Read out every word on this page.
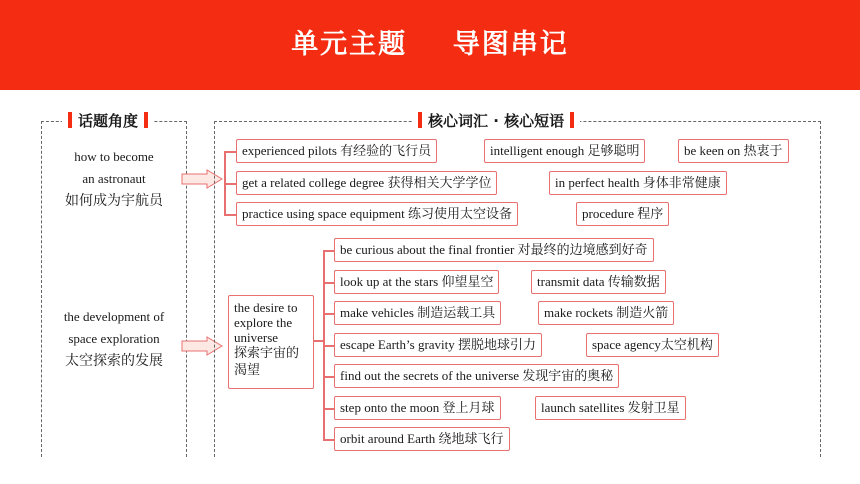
单元主题    导图串记
话题角度
how to become
an astronaut
如何成为宇航员
the development of
space exploration
太空探索的发展
核心词汇 · 核心短语
experienced pilots 有经验的飞行员	intelligent enough 足够聪明	be keen on 热衷于
get a related college degree 获得相关大学学位	in perfect health 身体非常健康
practice using space equipment 练习使用太空设备	procedure 程序
the desire to
explore the
universe
探索宇宙的
渴望
be curious about the final frontier 对最终的边境感到好奇
look up at the stars 仰望星空	transmit data 传输数据
make vehicles 制造运载工具	make rockets 制造火箭
escape Earth’s gravity 摆脱地球引力	space agency太空机构
find out the secrets of the universe 发现宇宙的奥秘
step onto the moon 登上月球	launch satellites 发射卫星
orbit around Earth 绕地球飞行
